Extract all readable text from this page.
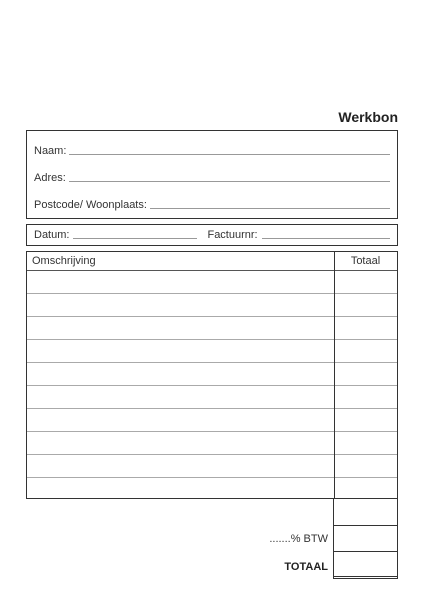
Werkbon
Naam:
Adres:
Postcode/ Woonplaats:
Datum:	Factuurnr:
Omschrijving	Totaal
.......% BTW
TOTAAL
